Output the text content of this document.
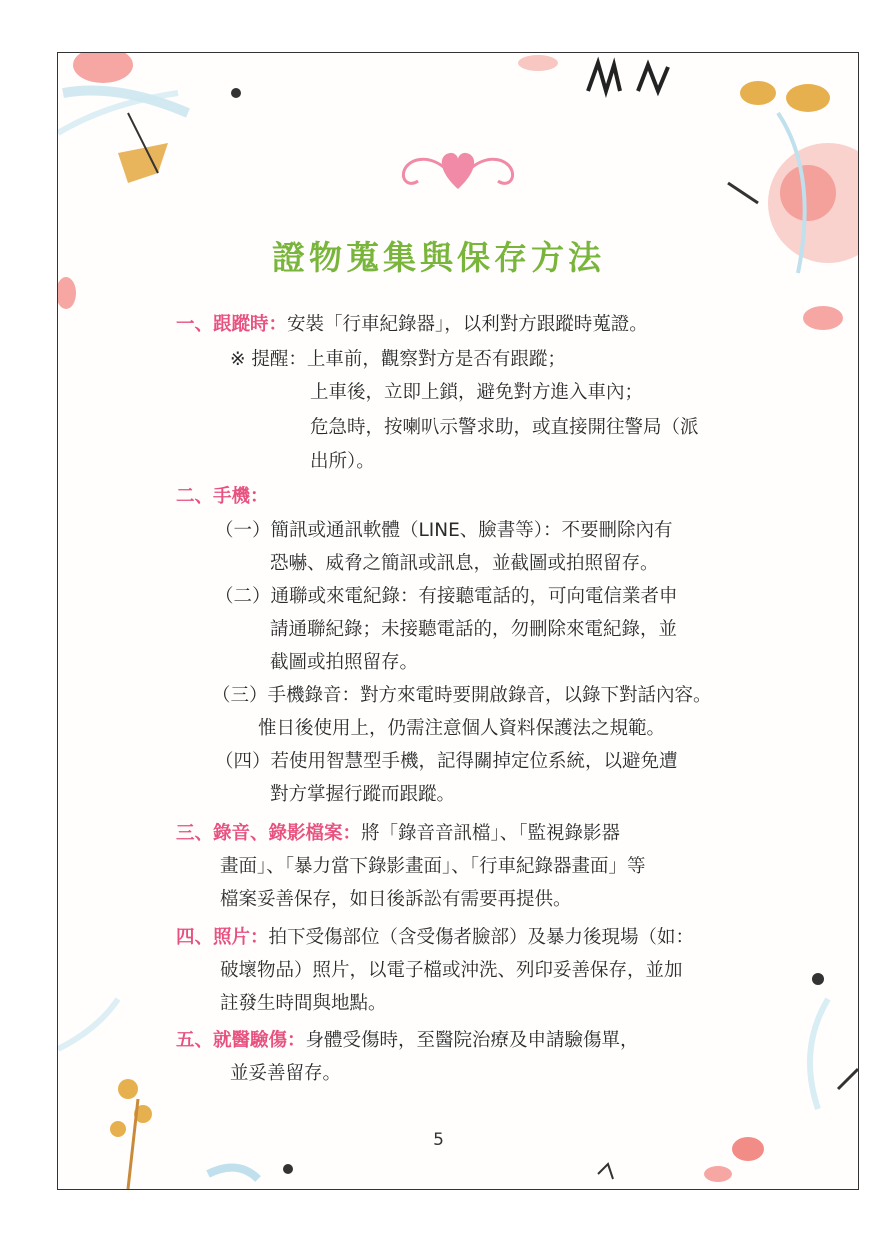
證物蒐集與保存方法
一、跟蹤時：安裝「行車紀錄器」，以利對方跟蹤時蒐證。
※ 提醒：上車前，觀察對方是否有跟蹤；
上車後，立即上鎖，避免對方進入車內；
危急時，按喇叭示警求助，或直接開往警局（派
出所）。
二、手機：
（一）簡訊或通訊軟體（LINE、臉書等）：不要刪除內有
恐嚇、威脅之簡訊或訊息，並截圖或拍照留存。
（二）通聯或來電紀錄：有接聽電話的，可向電信業者申
請通聯紀錄；未接聽電話的，勿刪除來電紀錄，並
截圖或拍照留存。
（三）手機錄音：對方來電時要開啟錄音，以錄下對話內容。
惟日後使用上，仍需注意個人資料保護法之規範。
（四）若使用智慧型手機，記得關掉定位系統，以避免遭
對方掌握行蹤而跟蹤。
三、錄音、錄影檔案：將「錄音音訊檔」、「監視錄影器
畫面」、「暴力當下錄影畫面」、「行車紀錄器畫面」等
檔案妥善保存，如日後訴訟有需要再提供。
四、照片：拍下受傷部位（含受傷者臉部）及暴力後現場（如：
破壞物品）照片，以電子檔或沖洗、列印妥善保存，並加
註發生時間與地點。
五、就醫驗傷：身體受傷時，至醫院治療及申請驗傷單，
並妥善留存。
5
